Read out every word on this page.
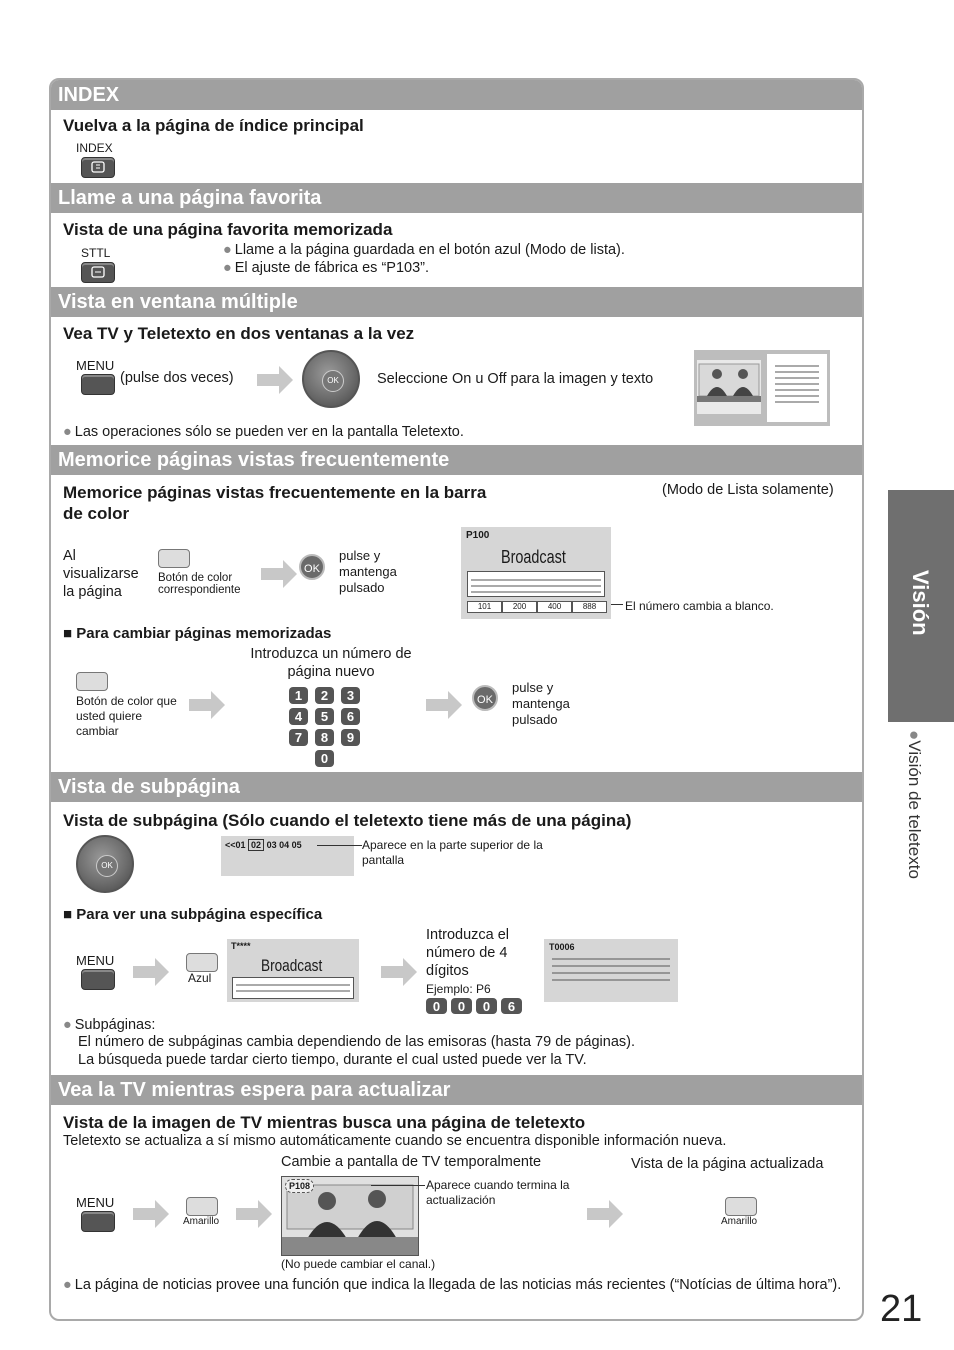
Visión
●Visión de teletexto
21
INDEX
Vuelva a la página de índice principal
INDEX
Llame a una página favorita
Vista de una página favorita memorizada
STTL
●	Llame a la página guardada en el botón azul (Modo de lista).
● El ajuste de fábrica es “P103”.
Vista en ventana múltiple
Vea TV y Teletexto en dos ventanas a la vez
MENU
(pulse dos veces)	OK	Seleccione On u Off para la imagen y texto
● Las operaciones sólo se pueden ver en la pantalla Teletexto.
Memorice páginas vistas frecuentemente
Memorice páginas vistas frecuentemente en la barra de color
(Modo de Lista solamente)
Al visualizarse la página
Botón de color correspondiente
OK
pulse y mantenga pulsado
P100
Broadcast
101	200	400	888	El número cambia a blanco.
■ Para cambiar páginas memorizadas
Introduzca un número de página nuevo
Botón de color que usted quiere cambiar
1	2	3
4	5	6
7	8	9
0
OK
pulse y mantenga pulsado
Vista de subpágina
Vista de subpágina (Sólo cuando el teletexto tiene más de una página)
OK
<<01 02 03 04 05	Aparece en la parte superior de la pantalla
■ Para ver una subpágina específica
MENU
Azul
T****
Broadcast
Introduzca el número de 4 dígitos
Ejemplo: P6
0	0	0	6
T0006
● Subpáginas:
El número de subpáginas cambia dependiendo de las emisoras (hasta 79 de páginas).
La búsqueda puede tardar cierto tiempo, durante el cual usted puede ver la TV.
Vea la TV mientras espera para actualizar
Vista de la imagen de TV mientras busca una página de teletexto
Teletexto se actualiza a sí mismo automáticamente cuando se encuentra disponible información nueva.
Cambie a pantalla de TV temporalmente	Vista de la página actualizada
MENU
Amarillo
P108	Aparece cuando termina la actualización
(No puede cambiar el canal.)
Amarillo
● La página de noticias provee una función que indica la llegada de las noticias más recientes (“Notícias de última hora”).
